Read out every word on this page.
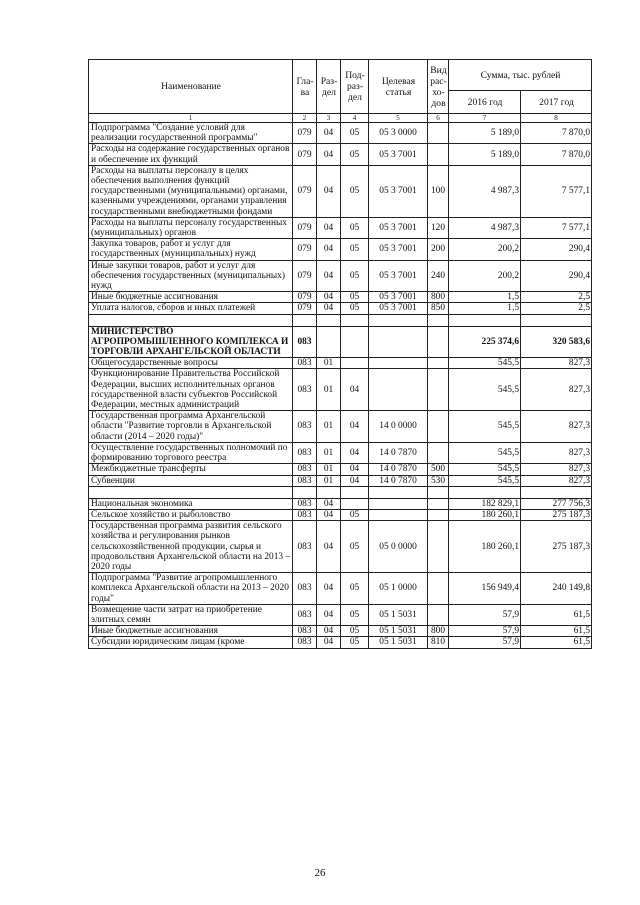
Наименование	Гла-ва	Раз-дел	Под-раз-дел	Целевая статья	Вид рас-хо-дов	Сумма, тыс. рублей	
						2016 год	2017 год
1	2	3	4	5	6	7	8
Подпрограмма "Создание условий для реализации государственной программы"	079	04	05	05 3 0000		5 189,0	7 870,0
Расходы на содержание государственных органов и обеспечение их функций	079	04	05	05 3 7001		5 189,0	7 870,0
Расходы на выплаты персоналу в целях обеспечения выполнения функций государственными (муниципальными) органами, казенными учреждениями, органами управления государственными внебюджетными фондами	079	04	05	05 3 7001	100	4 987,3	7 577,1
Расходы на выплаты персоналу государственных (муниципальных) органов	079	04	05	05 3 7001	120	4 987,3	7 577,1
Закупка товаров, работ и услуг для государственных (муниципальных) нужд	079	04	05	05 3 7001	200	200,2	290,4
Иные закупки товаров, работ и услуг для обеспечения государственных (муниципальных) нужд	079	04	05	05 3 7001	240	200,2	290,4
Иные бюджетные ассигнования	079	04	05	05 3 7001	800	1,5	2,5
Уплата налогов, сборов и иных платежей	079	04	05	05 3 7001	850	1,5	2,5

МИНИСТЕРСТВО АГРОПРОМЫШЛЕННОГО КОМПЛЕКСА И ТОРГОВЛИ АРХАНГЕЛЬСКОЙ ОБЛАСТИ	083					225 374,6	320 583,6
Общегосударственные вопросы	083	01				545,5	827,3
Функционирование Правительства Российской Федерации, высших исполнительных органов государственной власти субъектов Российской Федерации, местных администраций	083	01	04			545,5	827,3
Государственная программа Архангельской области "Развитие торговли в Архангельской области (2014 – 2020 годы)"	083	01	04	14 0 0000		545,5	827,3
Осуществление государственных полномочий по формированию торгового реестра	083	01	04	14 0 7870		545,5	827,3
Межбюджетные трансферты	083	01	04	14 0 7870	500	545,5	827,3
Субвенции	083	01	04	14 0 7870	530	545,5	827,3

Национальная экономика	083	04				182 829,1	277 756,3
Сельское хозяйство и рыболовство	083	04	05			180 260,1	275 187,3
Государственная программа развития сельского хозяйства и регулирования рынков сельскохозяйственной продукции, сырья и продовольствия Архангельской области на 2013 – 2020 годы	083	04	05	05 0 0000		180 260,1	275 187,3
Подпрограмма "Развитие агропромышленного комплекса Архангельской области на 2013 – 2020 годы"	083	04	05	05 1 0000		156 949,4	240 149,8
Возмещение части затрат на приобретение элитных семян	083	04	05	05 1 5031		57,9	61,5
Иные бюджетные ассигнования	083	04	05	05 1 5031	800	57,9	61,5
Субсидии юридическим лицам (кроме	083	04	05	05 1 5031	810	57,9	61,5
26
